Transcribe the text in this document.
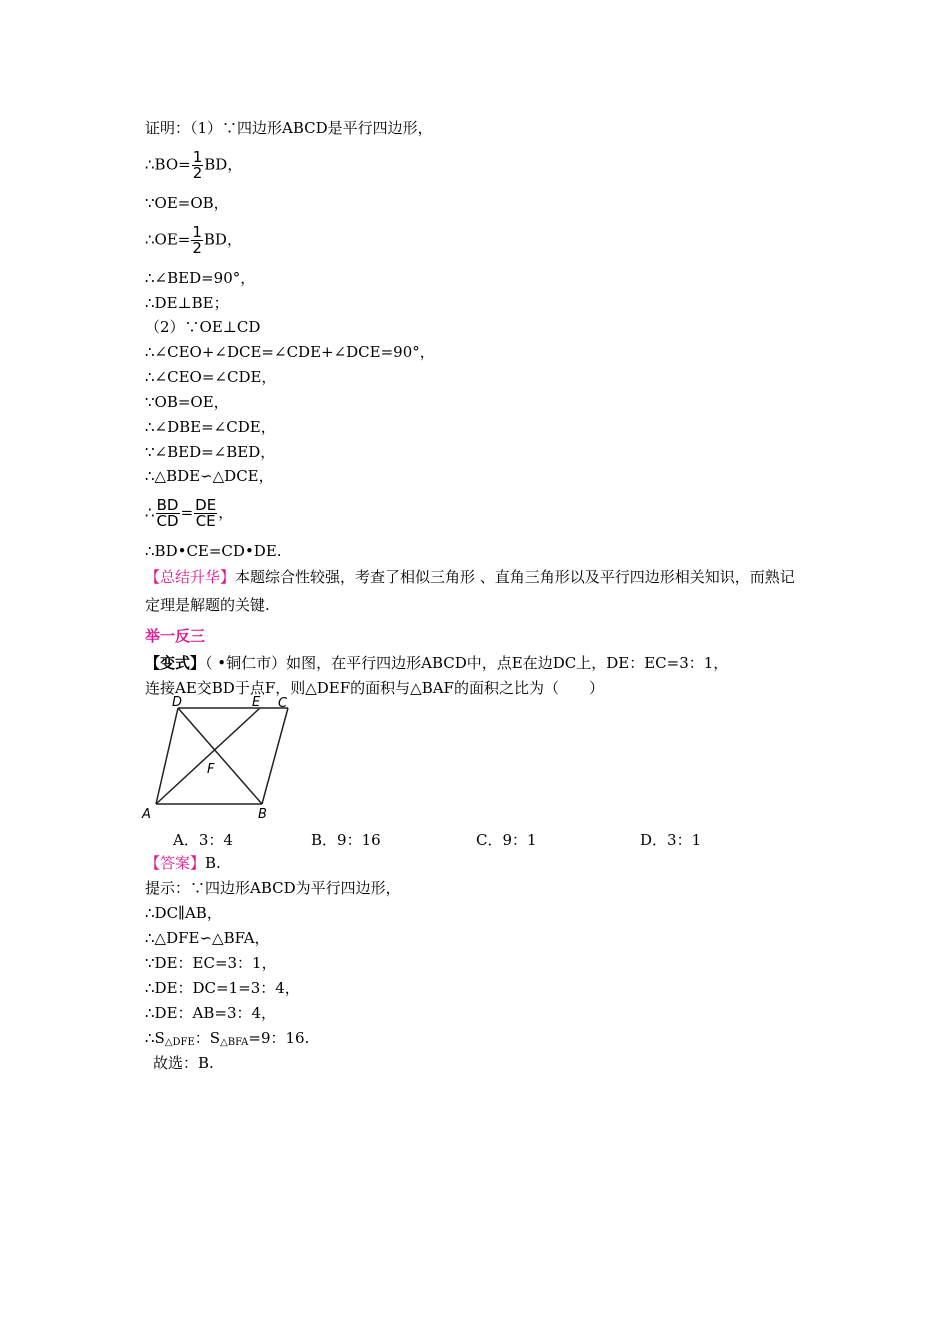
证明：（1）∵四边形ABCD是平行四边形，
∴BO= $\frac{1}{2}$ BD，
∵OE=OB，
∴OE= $\frac{1}{2}$ BD，
∴∠BED=90°，
∴DE⊥BE；
（2）∵OE⊥CD
∴∠CEO+∠DCE=∠CDE+∠DCE=90°，
∴∠CEO=∠CDE，
∵OB=OE，
∴∠DBE=∠CDE，
∵∠BED=∠BED，
∴△BDE∽△DCE，
∴ $\frac{BD}{CD} = \frac{DE}{CE}$ ，
∴BD•CE=CD•DE.
【总结升华】本题综合性较强，考查了相似三角形 、直角三角形以及平行四边形相关知识，而熟记定理是解题的关键.
举一反三
【变式】（ •铜仁市）如图，在平行四边形ABCD中，点E在边DC上，DE：EC=3：1，
连接AE交BD于点F，则△DEF的面积与△BAF的面积之比为（　　）
D	E C
F
A	B
A．3：4	B．9：16	C．9：1	D．3：1
【答案】B.
提示：∵四边形ABCD为平行四边形，
∴DC∥AB，
∴△DFE∽△BFA，
∵DE：EC=3：1，
∴DE：DC=1=3：4，
∴DE：AB=3：4，
$\therefore S_{\triangle DFE}$：$S_{\triangle BFA}=9$：16.
故选：B.
